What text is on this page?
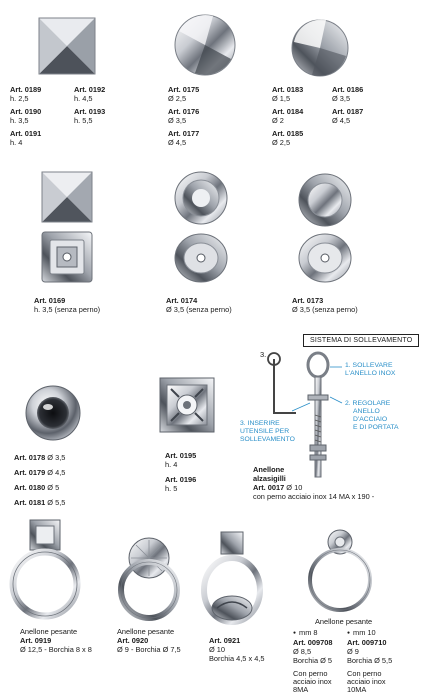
Art. 0189
h. 2,5
Art. 0192
h. 4,5
Art. 0190
h. 3,5
Art. 0193
h. 5,5
Art. 0191
h. 4
Art. 0175
Ø 2,5
Art. 0176
Ø 3,5
Art. 0177
Ø 4,5
Art. 0183
Ø 1,5
Art. 0186
Ø 3,5
Art. 0184
Ø 2
Art. 0187
Ø 4,5
Art. 0185
Ø 2,5
Art. 0169
h. 3,5 (senza perno)
Art. 0174
Ø 3,5 (senza perno)
Art. 0173
Ø 3,5 (senza perno)
Art. 0178 Ø 3,5
Art. 0179 Ø 4,5
Art. 0180 Ø 5
Art. 0181 Ø 5,5
Art. 0195
h. 4
Art. 0196
h. 5
SISTEMA DI SOLLEVAMENTO
3.
1. SOLLEVARE
L'ANELLO INOX
2. REGOLARE
ANELLO
D'ACCIAIO
E DI PORTATA
3. INSERIRE
UTENSILE PER
SOLLEVAMENTO
Anellone
alzasigilli
Art. 0017 Ø 10
con perno acciaio inox 14 MA x 190 -
Anellone pesante
Art. 0919
Ø 12,5 - Borchia 8 x 8
Anellone pesante
Art. 0920
Ø 9 - Borchia Ø 7,5
Art. 0921
Ø 10
Borchia 4,5 x 4,5
Anellone pesante
● mm 8
Art. 009708
Ø 8,5
Borchia Ø 5
Con perno
acciaio inox
8MA
● mm 10
Art. 009710
Ø 9
Borchia Ø 5,5
Con perno
acciaio inox
10MA
